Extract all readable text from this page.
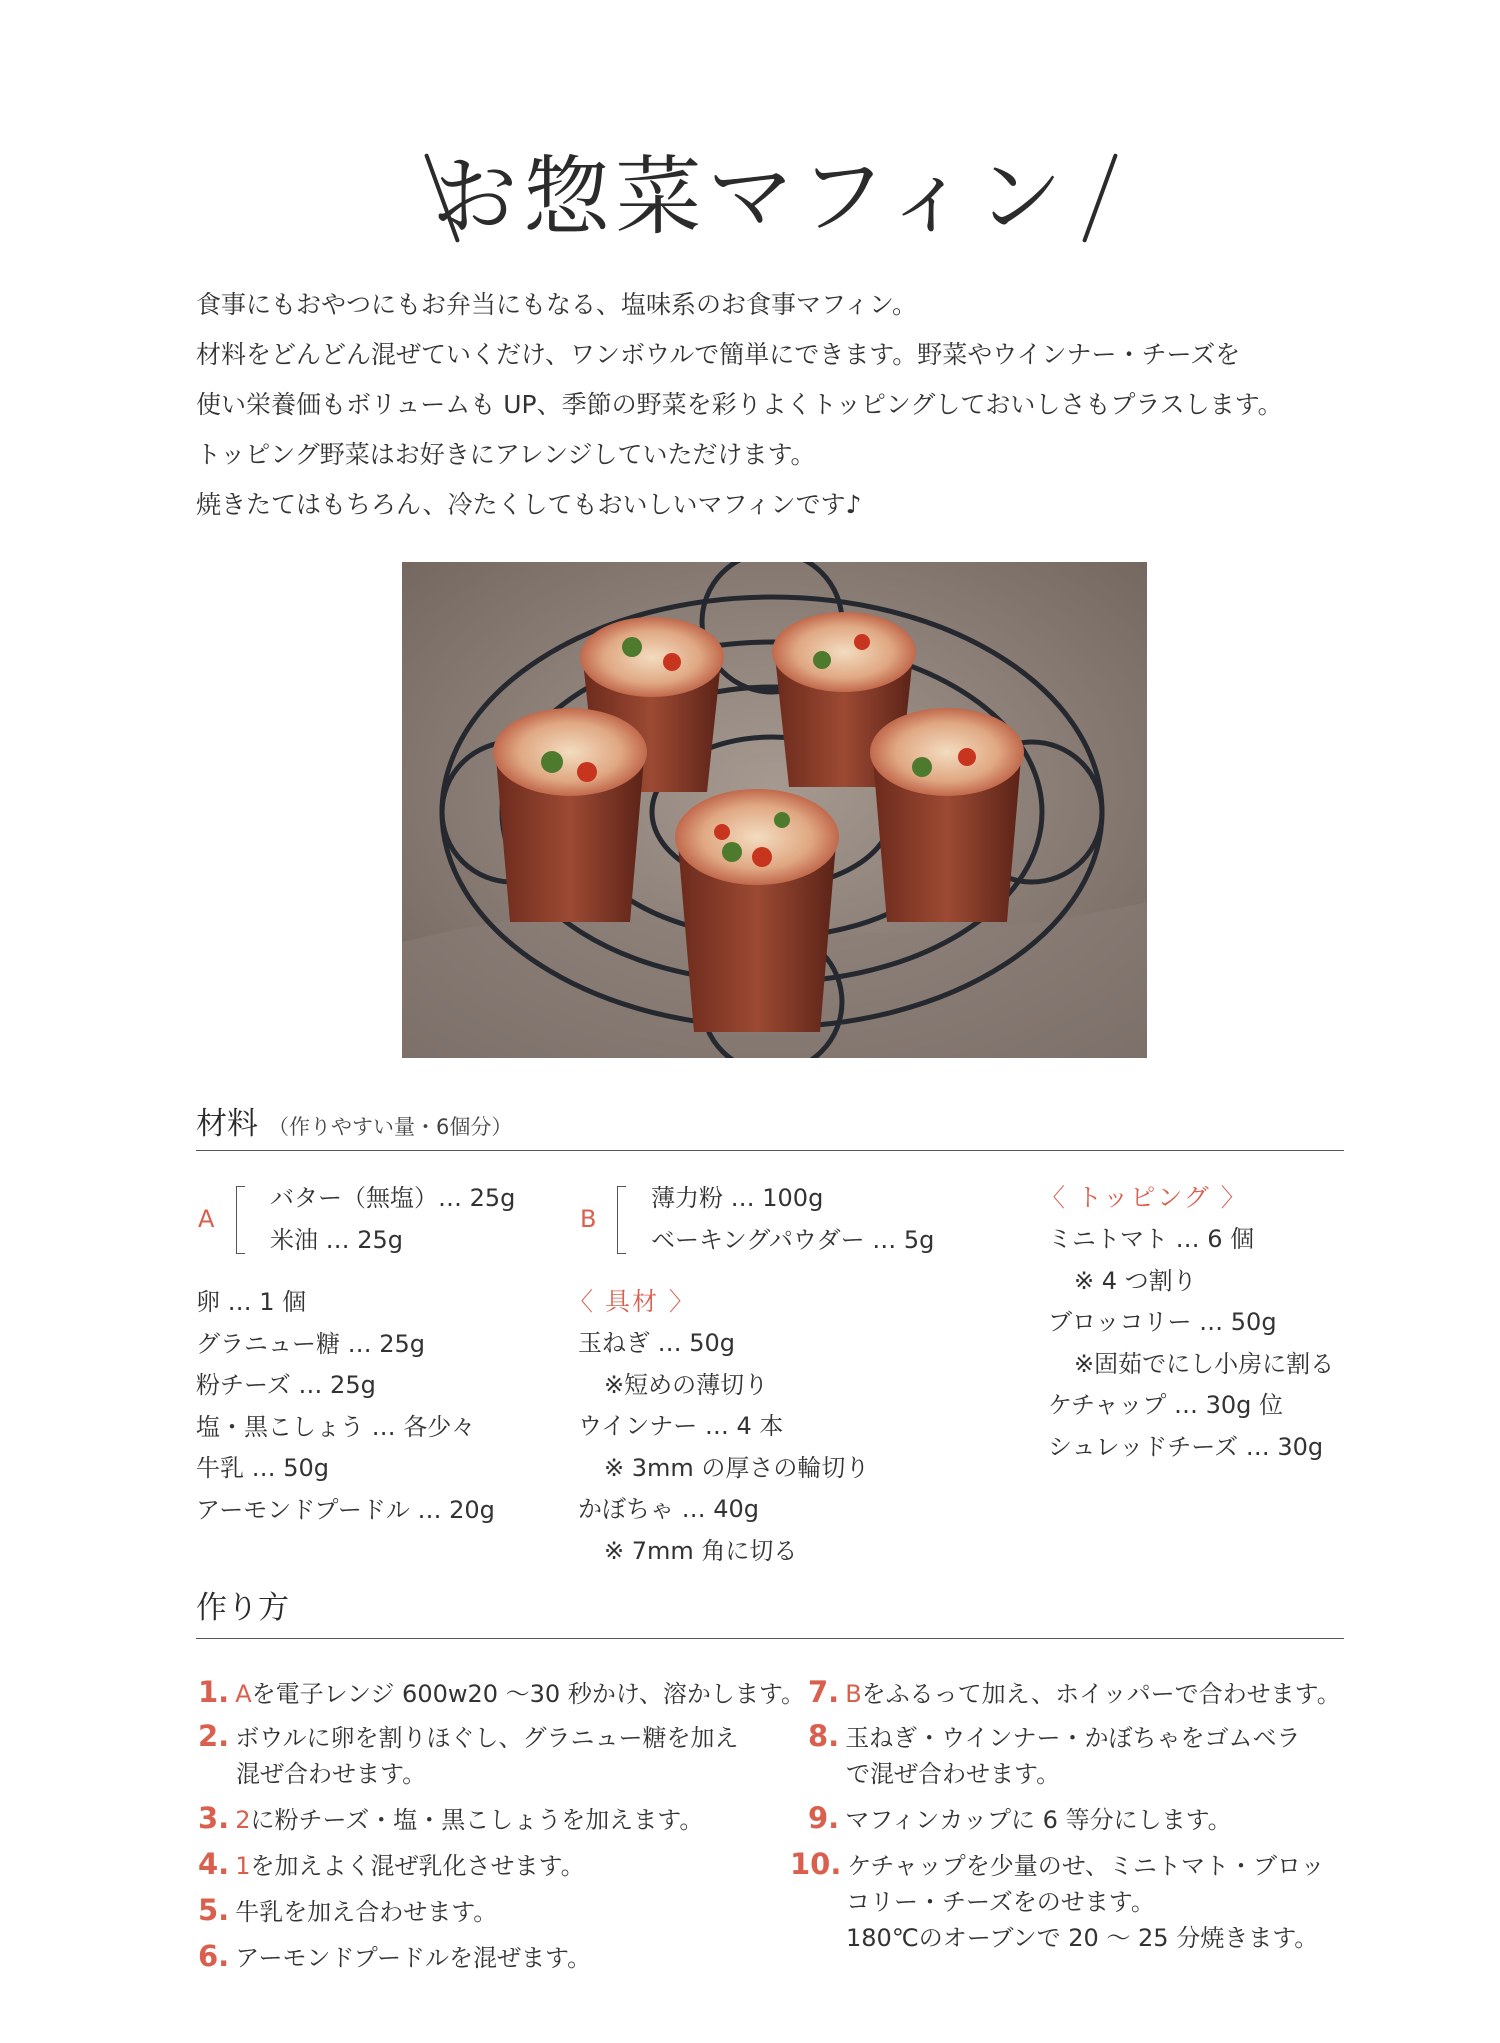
お惣菜マフィン
食事にもおやつにもお弁当にもなる、塩味系のお食事マフィン。
材料をどんどん混ぜていくだけ、ワンボウルで簡単にできます。野菜やウインナー・チーズを
使い栄養価もボリュームも UP、季節の野菜を彩りよくトッピングしておいしさもプラスします。
トッピング野菜はお好きにアレンジしていただけます。
焼きたてはもちろん、冷たくしてもおいしいマフィンです♪
材料 （作りやすい量・6個分）
A
バター（無塩）… 25g
米油 … 25g
B
薄力粉 … 100g
ベーキングパウダー … 5g
卵 … 1 個
グラニュー糖 … 25g
粉チーズ … 25g
塩・黒こしょう … 各少々
牛乳 … 50g
アーモンドプードル … 20g
〈 具材 〉
玉ねぎ … 50g
※短めの薄切り
ウインナー … 4 本
※ 3mm の厚さの輪切り
かぼちゃ … 40g
※ 7mm 角に切る
〈 トッピング 〉
ミニトマト … 6 個
※ 4 つ割り
ブロッコリー … 50g
※固茹でにし小房に割る
ケチャップ … 30g 位
シュレッドチーズ … 30g
作り方
1. Aを電子レンジ 600w20 ～30 秒かけ、溶かします。
2. ボウルに卵を割りほぐし、グラニュー糖を加え
混ぜ合わせます。
3. 2に粉チーズ・塩・黒こしょうを加えます。
4. 1を加えよく混ぜ乳化させます。
5. 牛乳を加え合わせます。
6. アーモンドプードルを混ぜます。
7. Bをふるって加え、ホイッパーで合わせます。
8. 玉ねぎ・ウインナー・かぼちゃをゴムベラ
で混ぜ合わせます。
9. マフィンカップに 6 等分にします。
10. ケチャップを少量のせ、ミニトマト・ブロッ
コリー・チーズをのせます。
180℃のオーブンで 20 ～ 25 分焼きます。
